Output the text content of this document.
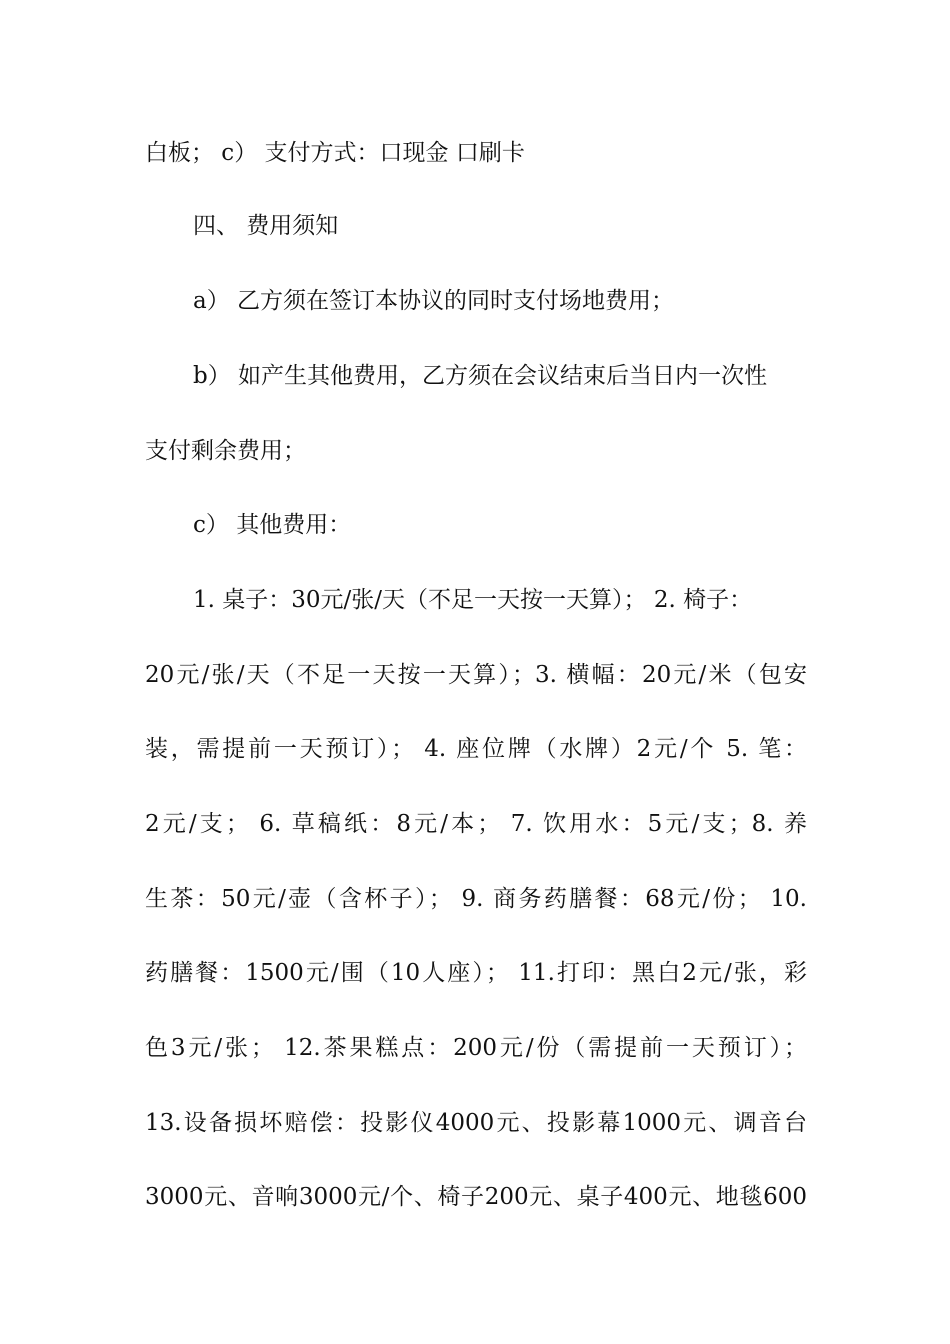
白板； c） 支付方式：口现金 口刷卡
四、 费用须知
a） 乙方须在签订本协议的同时支付场地费用；
b） 如产生其他费用，乙方须在会议结束后当日内一次性
支付剩余费用；
c） 其他费用：
1. 桌子：30元/张/天（不足一天按一天算）； 2. 椅子：
20元/张/天（不足一天按一天算）；3. 横幅：20元/米（包安
装，需提前一天预订）； 4. 座位牌（水牌）2元/个 5. 笔：
2元/支； 6. 草稿纸：8元/本； 7. 饮用水：5元/支；8. 养
生茶：50元/壶（含杯子）； 9. 商务药膳餐：68元/份； 10.
药膳餐：1500元/围（10人座）； 11.打印：黑白2元/张，彩
色3元/张； 12.茶果糕点：200元/份（需提前一天预订）；
13.设备损坏赔偿：投影仪4000元、投影幕1000元、调音台
3000元、音响3000元/个、椅子200元、桌子400元、地毯600
